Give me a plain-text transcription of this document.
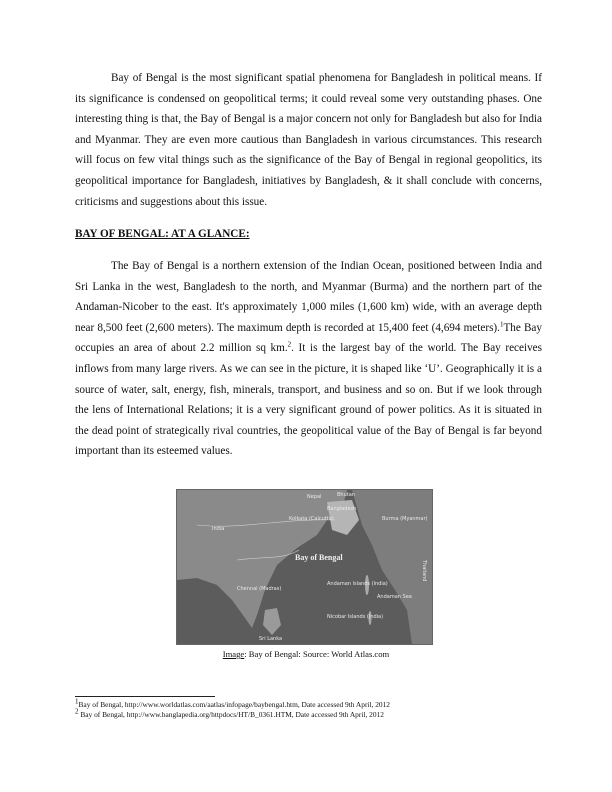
Bay of Bengal is the most significant spatial phenomena for Bangladesh in political means. If its significance is condensed on geopolitical terms; it could reveal some very outstanding phases. One interesting thing is that, the Bay of Bengal is a major concern not only for Bangladesh but also for India and Myanmar. They are even more cautious than Bangladesh in various circumstances. This research will focus on few vital things such as the significance of the Bay of Bengal in regional geopolitics, its geopolitical importance for Bangladesh, initiatives by Bangladesh, & it shall conclude with concerns, criticisms and suggestions about this issue.

BAY OF BENGAL: AT A GLANCE:

The Bay of Bengal is a northern extension of the Indian Ocean, positioned between India and Sri Lanka in the west, Bangladesh to the north, and Myanmar (Burma) and the northern part of the Andaman-Nicober to the east. It's approximately 1,000 miles (1,600 km) wide, with an average depth near 8,500 feet (2,600 meters). The maximum depth is recorded at 15,400 feet (4,694 meters).$^1$The Bay occupies an area of about 2.2 million sq km.$^2$. It is the largest bay of the world. The Bay receives inflows from many large rivers. As we can see in the picture, it is shaped like ‘U’. Geographically it is a source of water, salt, energy, fish, minerals, transport, and business and so on. But if we look through the lens of International Relations; it is a very significant ground of power politics. As it is situated in the dead point of strategically rival countries, the geopolitical value of the Bay of Bengal is far beyond important than its esteemed values.

Bay of Bengal
Nepal	Bhutan
Bangladesh
India
Kolkata (Calcutta)	Burma (Myanmar)
Andaman Sea
Sri Lanka
Chennai (Madras)
Andaman Islands (India)
Nicobar Islands (India)
Thailand
Image: Bay of Bengal: Source: World Atlas.com
$^1$Bay of Bengal, http://www.worldatlas.com/aatlas/infopage/baybengal.htm, Date accessed 9th April, 2012
$^2$ Bay of Bengal, http://www.banglapedia.org/httpdocs/HT/B_0361.HTM, Date accessed 9th April, 2012
